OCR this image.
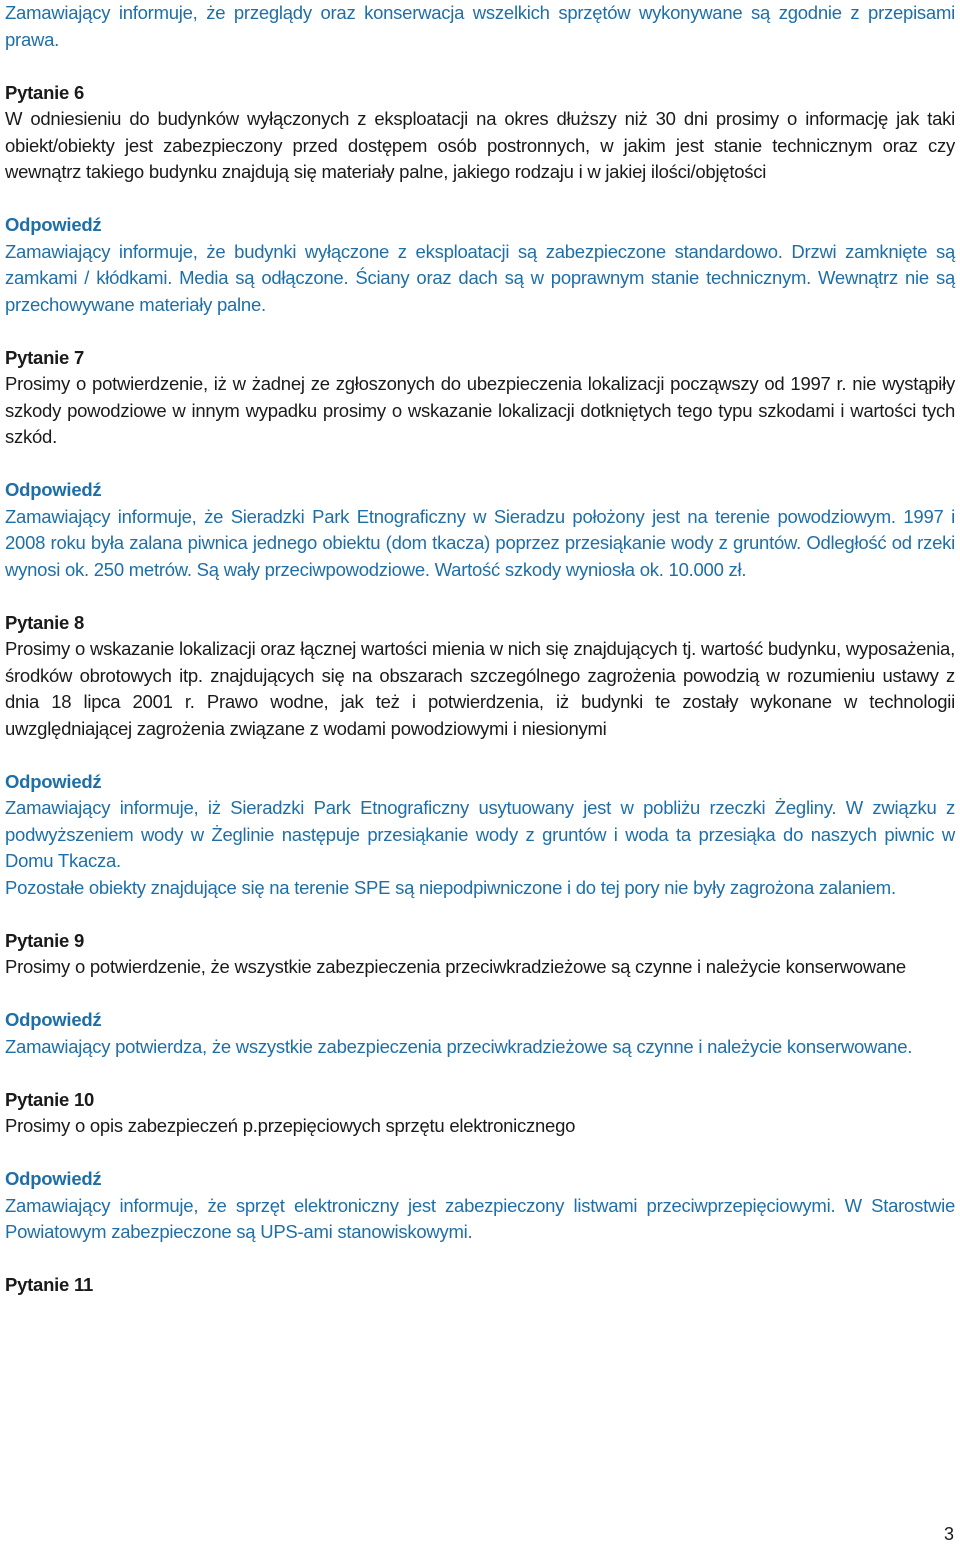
Zamawiający informuje, że przeglądy oraz konserwacja wszelkich sprzętów wykonywane są zgodnie z przepisami prawa.

Pytanie 6

W odniesieniu do budynków wyłączonych z eksploatacji na okres dłuższy niż 30 dni prosimy o informację jak taki obiekt/obiekty jest zabezpieczony przed dostępem osób postronnych, w jakim jest stanie technicznym oraz czy wewnątrz takiego budynku znajdują się materiały palne, jakiego rodzaju i w jakiej ilości/objętości

Odpowiedź

Zamawiający informuje, że budynki wyłączone z eksploatacji są zabezpieczone standardowo. Drzwi zamknięte są zamkami / kłódkami. Media są odłączone. Ściany oraz dach są w poprawnym stanie technicznym. Wewnątrz nie są przechowywane materiały palne.

Pytanie 7

Prosimy o potwierdzenie, iż w żadnej ze zgłoszonych do ubezpieczenia lokalizacji począwszy od 1997 r. nie wystąpiły szkody powodziowe w innym wypadku prosimy o wskazanie lokalizacji dotkniętych tego typu szkodami i wartości tych szkód.

Odpowiedź

Zamawiający informuje, że Sieradzki Park Etnograficzny w Sieradzu położony jest na terenie powodziowym. 1997 i 2008 roku była zalana piwnica jednego obiektu (dom tkacza) poprzez przesiąkanie wody z gruntów. Odległość od rzeki wynosi ok. 250 metrów. Są wały przeciwpowodziowe. Wartość szkody wyniosła ok. 10.000 zł.

Pytanie 8

Prosimy o wskazanie lokalizacji oraz łącznej wartości mienia w nich się znajdujących tj. wartość budynku, wyposażenia, środków obrotowych itp. znajdujących się na obszarach szczególnego zagrożenia powodzią w rozumieniu ustawy z dnia 18 lipca 2001 r. Prawo wodne, jak też i potwierdzenia, iż budynki te zostały wykonane w technologii uwzględniającej zagrożenia związane z wodami powodziowymi i niesionymi

Odpowiedź

Zamawiający informuje, iż Sieradzki Park Etnograficzny usytuowany jest w pobliżu rzeczki Żegliny. W związku z podwyższeniem wody w Żeglinie następuje przesiąkanie wody z gruntów i woda ta przesiąka do naszych piwnic w Domu Tkacza.

Pozostałe obiekty znajdujące się na terenie SPE są niepodpiwniczone i do tej pory nie były zagrożona zalaniem.

Pytanie 9

Prosimy o potwierdzenie, że wszystkie zabezpieczenia przeciwkradzieżowe są czynne i należycie konserwowane

Odpowiedź

Zamawiający potwierdza, że wszystkie zabezpieczenia przeciwkradzieżowe są czynne i należycie konserwowane.

Pytanie 10

Prosimy o opis zabezpieczeń p.przepięciowych sprzętu elektronicznego

Odpowiedź

Zamawiający informuje, że sprzęt elektroniczny jest zabezpieczony listwami przeciwprzepięciowymi. W Starostwie Powiatowym zabezpieczone są UPS-ami stanowiskowymi.

Pytanie 11

3
